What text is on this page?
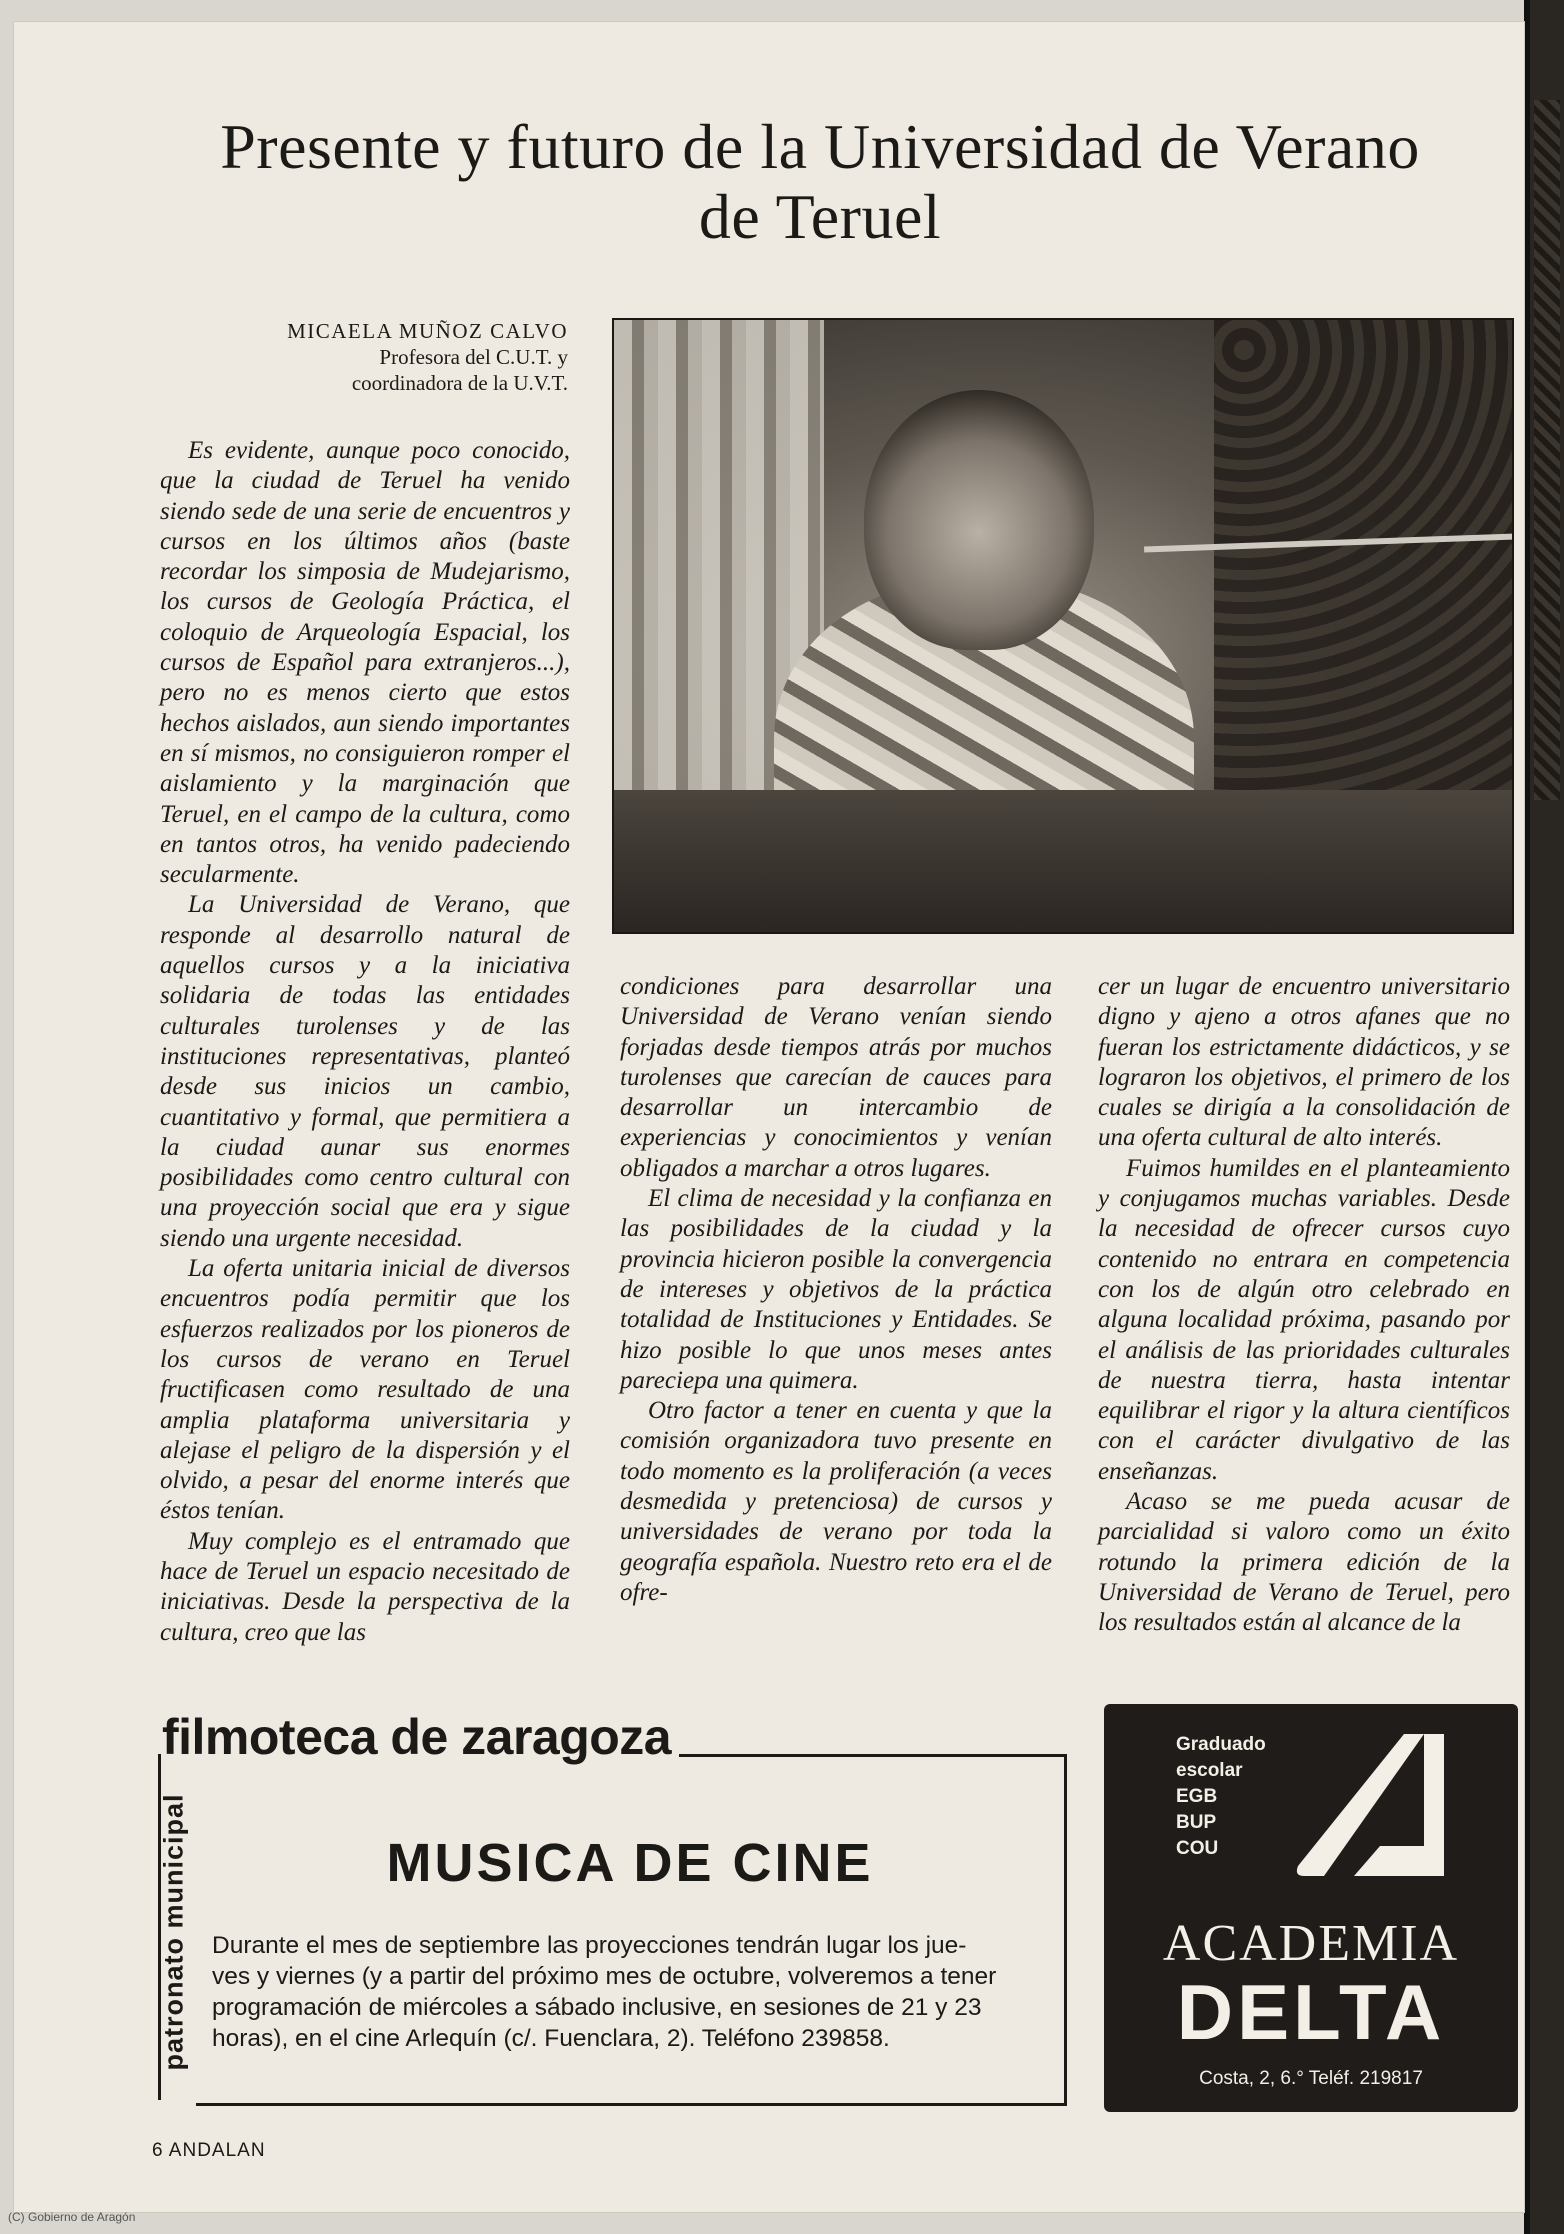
Presente y futuro de la Universidad de Verano
de Teruel
MICAELA MUÑOZ CALVO
Profesora del C.U.T. y
coordinadora de la U.V.T.

Es evidente, aunque poco conocido, que la ciudad de Teruel ha venido siendo sede de una serie de encuentros y cursos en los últimos años (baste recordar los simposia de Mudejarismo, los cursos de Geología Práctica, el coloquio de Arqueología Espacial, los cursos de Español para extranjeros...), pero no es menos cierto que estos hechos aislados, aun siendo importantes en sí mismos, no consiguieron romper el aislamiento y la marginación que Teruel, en el campo de la cultura, como en tantos otros, ha venido padeciendo secularmente.

La Universidad de Verano, que responde al desarrollo natural de aquellos cursos y a la iniciativa solidaria de todas las entidades culturales turolenses y de las instituciones representativas, planteó desde sus inicios un cambio, cuantitativo y formal, que permitiera a la ciudad aunar sus enormes posibilidades como centro cultural con una proyección social que era y sigue siendo una urgente necesidad.

La oferta unitaria inicial de diversos encuentros podía permitir que los esfuerzos realizados por los pioneros de los cursos de verano en Teruel fructificasen como resultado de una amplia plataforma universitaria y alejase el peligro de la dispersión y el olvido, a pesar del enorme interés que éstos tenían.

Muy complejo es el entramado que hace de Teruel un espacio necesitado de iniciativas. Desde la perspectiva de la cultura, creo que las

condiciones para desarrollar una Universidad de Verano venían siendo forjadas desde tiempos atrás por muchos turolenses que carecían de cauces para desarrollar un intercambio de experiencias y conocimientos y venían obligados a marchar a otros lugares.

El clima de necesidad y la confianza en las posibilidades de la ciudad y la provincia hicieron posible la convergencia de intereses y objetivos de la práctica totalidad de Instituciones y Entidades. Se hizo posible lo que unos meses antes parecieра una quimera.

Otro factor a tener en cuenta y que la comisión organizadora tuvo presente en todo momento es la proliferación (a veces desmedida y pretenciosa) de cursos y universidades de verano por toda la geografía española. Nuestro reto era el de ofre-

cer un lugar de encuentro universitario digno y ajeno a otros afanes que no fueran los estrictamente didácticos, y se lograron los objetivos, el primero de los cuales se dirigía a la consolidación de una oferta cultural de alto interés.

Fuimos humildes en el planteamiento y conjugamos muchas variables. Desde la necesidad de ofrecer cursos cuyo contenido no entrara en competencia con los de algún otro celebrado en alguna localidad próxima, pasando por el análisis de las prioridades culturales de nuestra tierra, hasta intentar equilibrar el rigor y la altura científicos con el carácter divulgativo de las enseñanzas.

Acaso se me pueda acusar de parcialidad si valoro como un éxito rotundo la primera edición de la Universidad de Verano de Teruel, pero los resultados están al alcance de la

patronato municipal
filmoteca de zaragoza
MUSICA DE CINE
Durante el mes de septiembre las proyecciones tendrán lugar los jue-
ves y viernes (y a partir del próximo mes de octubre, volveremos a tener
programación de miércoles a sábado inclusive, en sesiones de 21 y 23
horas), en el cine Arlequín (c/. Fuenclara, 2). Teléfono 239858.
Graduado
escolar
EGB
BUP
COU
ACADEMIA
DELTA
Costa, 2, 6.° Teléf. 219817
6 ANDALAN
(C) Gobierno de Aragón
